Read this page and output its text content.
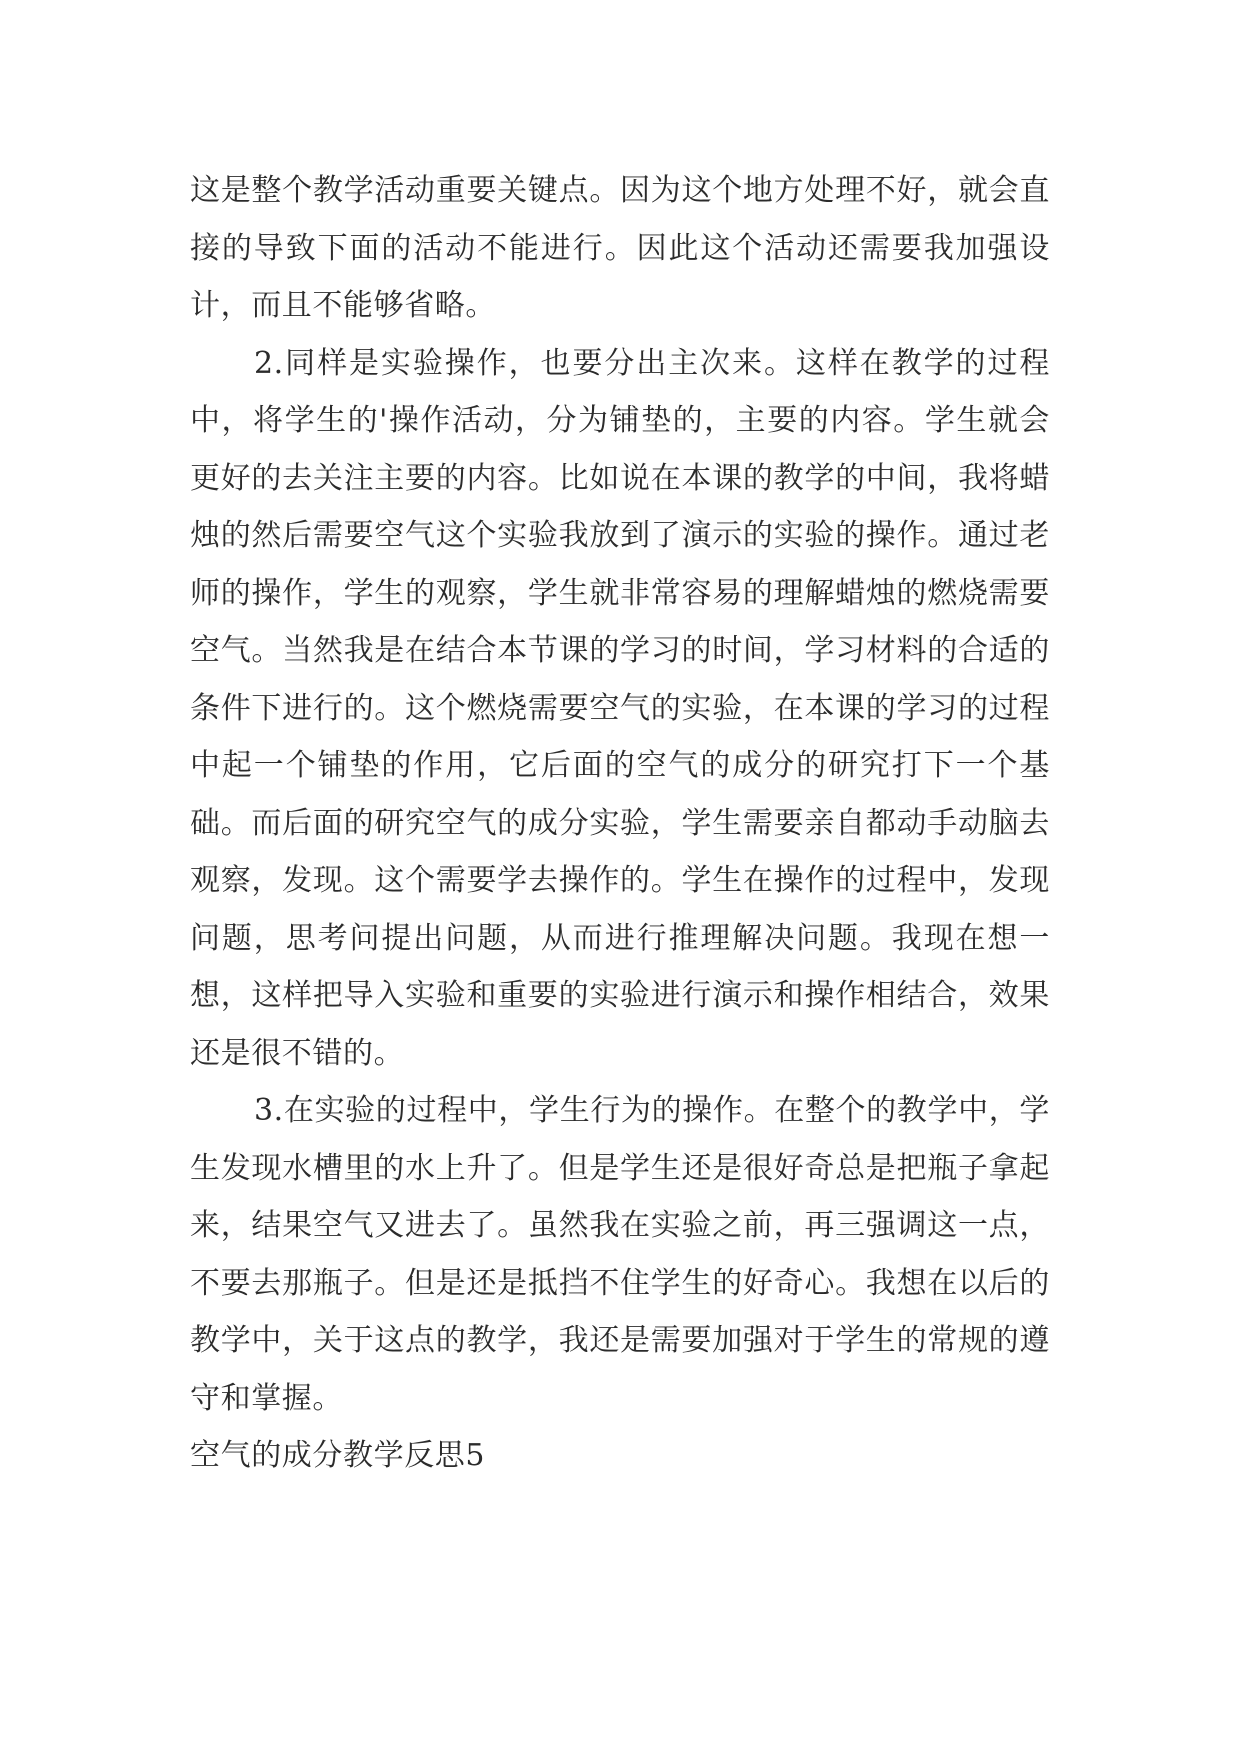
这是整个教学活动重要关键点。因为这个地方处理不好，就会直接的导致下面的活动不能进行。因此这个活动还需要我加强设计，而且不能够省略。

2.同样是实验操作，也要分出主次来。这样在教学的过程中，将学生的'操作活动，分为铺垫的，主要的内容。学生就会更好的去关注主要的内容。比如说在本课的教学的中间，我将蜡烛的然后需要空气这个实验我放到了演示的实验的操作。通过老师的操作，学生的观察，学生就非常容易的理解蜡烛的燃烧需要空气。当然我是在结合本节课的学习的时间，学习材料的合适的条件下进行的。这个燃烧需要空气的实验，在本课的学习的过程中起一个铺垫的作用，它后面的空气的成分的研究打下一个基础。而后面的研究空气的成分实验，学生需要亲自都动手动脑去观察，发现。这个需要学去操作的。学生在操作的过程中，发现问题，思考问提出问题，从而进行推理解决问题。我现在想一想，这样把导入实验和重要的实验进行演示和操作相结合，效果还是很不错的。

3.在实验的过程中，学生行为的操作。在整个的教学中，学生发现水槽里的水上升了。但是学生还是很好奇总是把瓶子拿起来，结果空气又进去了。虽然我在实验之前，再三强调这一点，不要去那瓶子。但是还是抵挡不住学生的好奇心。我想在以后的教学中，关于这点的教学，我还是需要加强对于学生的常规的遵守和掌握。

空气的成分教学反思5
